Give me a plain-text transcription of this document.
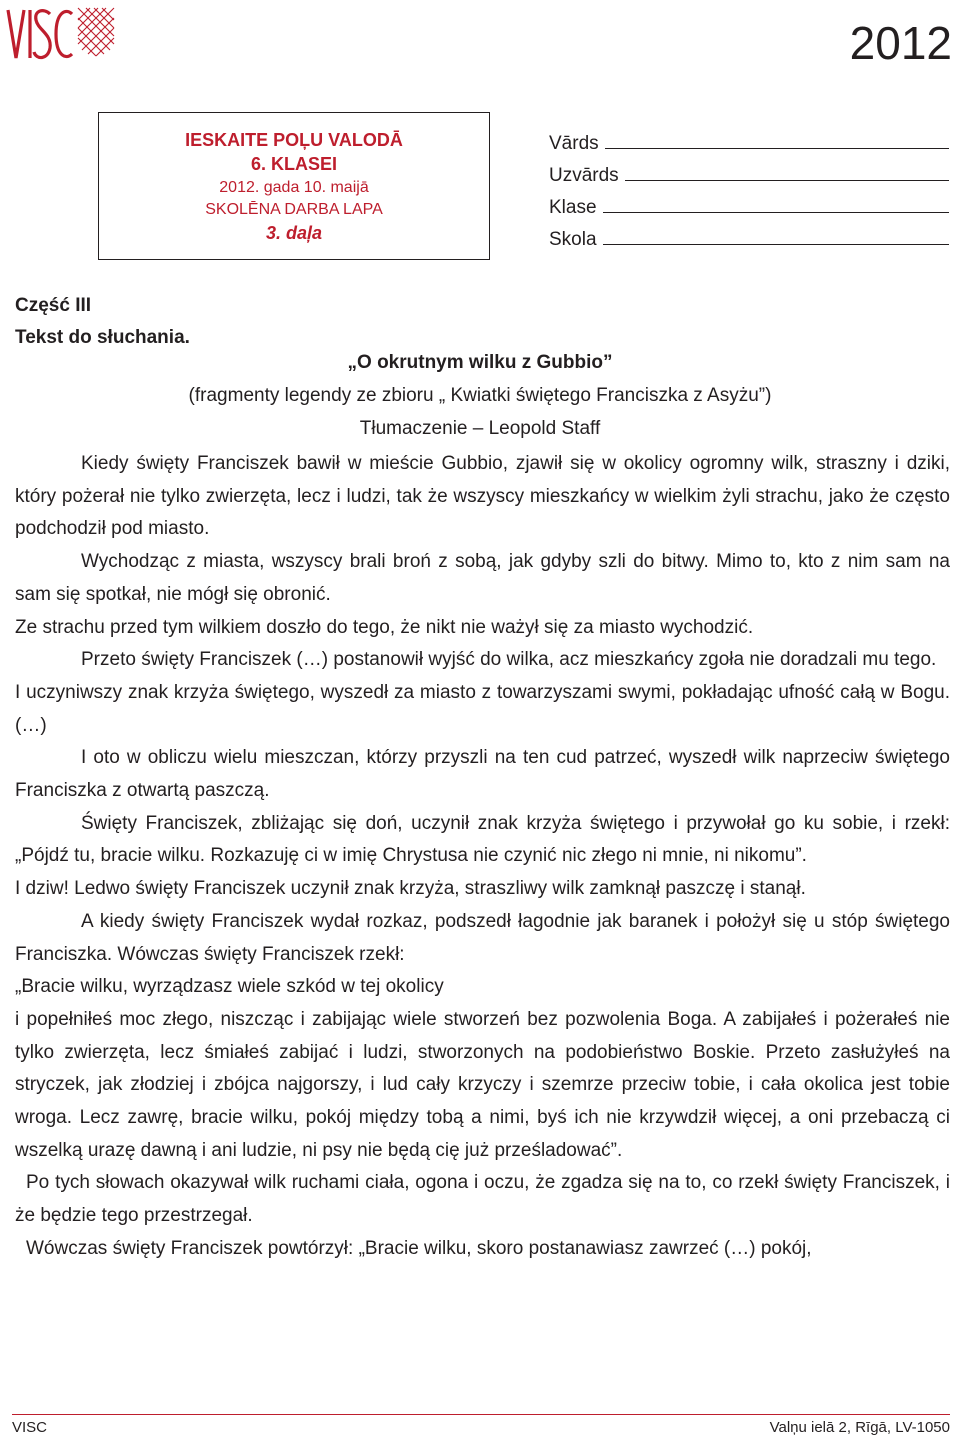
2012
IESKAITE POĻU VALODĀ
6. KLASEI
2012. gada 10. maijā
SKOLĒNA DARBA LAPA
3. daļa
Vārds
Uzvārds
Klase
Skola
Część III
Tekst do słuchania.
„O okrutnym wilku z Gubbio”
(fragmenty legendy ze zbioru „ Kwiatki świętego Franciszka z Asyżu”)
Tłumaczenie – Leopold Staff

Kiedy święty Franciszek bawił w mieście Gubbio, zjawił się w okolicy ogromny wilk, straszny i dziki, który pożerał nie tylko zwierzęta, lecz i ludzi, tak że wszyscy mieszkańcy w wielkim żyli strachu, jako że często podchodził pod miasto.

Wychodząc z miasta, wszyscy brali broń z sobą, jak gdyby szli do bitwy. Mimo to, kto z nim sam na sam się spotkał, nie mógł się obronić.

Ze strachu przed tym wilkiem doszło do tego, że nikt nie ważył się za miasto wychodzić.

Przeto święty Franciszek (…) postanowił wyjść do wilka, acz mieszkańcy zgoła nie doradzali mu tego.

I uczyniwszy znak krzyża świętego, wyszedł za miasto z towarzyszami swymi, pokładając ufność całą w Bogu. (…)

I oto w obliczu wielu mieszczan, którzy przyszli na ten cud patrzeć, wyszedł wilk naprzeciw świętego Franciszka z otwartą paszczą.

Święty Franciszek, zbliżając się doń, uczynił znak krzyża świętego i przywołał go ku sobie, i rzekł: „Pójdź tu, bracie wilku. Rozkazuję ci w imię Chrystusa nie czynić nic złego ni mnie, ni nikomu”.

I dziw! Ledwo święty Franciszek uczynił znak krzyża, straszliwy wilk zamknął paszczę i stanął.

A kiedy święty Franciszek wydał rozkaz, podszedł łagodnie jak baranek i położył się u stóp świętego Franciszka. Wówczas święty Franciszek rzekł:

„Bracie wilku, wyrządzasz wiele szkód w tej okolicy

i popełniłeś moc złego, niszcząc i zabijając wiele stworzeń bez pozwolenia Boga. A zabijałeś i pożerałeś nie tylko zwierzęta, lecz śmiałeś zabijać i ludzi, stworzonych na podobieństwo Boskie. Przeto zasłużyłeś na stryczek, jak złodziej i zbójca najgorszy, i lud cały krzyczy i szemrze przeciw tobie, i cała okolica jest tobie wroga. Lecz zawrę, bracie wilku, pokój między tobą a nimi, byś ich nie krzywdził więcej, a oni przebaczą ci wszelką urazę dawną i ani ludzie, ni psy nie będą cię już prześladować”.

Po tych słowach okazywał wilk ruchami ciała, ogona i oczu, że zgadza się na to, co rzekł święty Franciszek, i że będzie tego przestrzegał.

Wówczas święty Franciszek powtórzył: „Bracie wilku, skoro postanawiasz zawrzeć (…) pokój,

VISC	Valņu ielā 2, Rīgā, LV-1050
